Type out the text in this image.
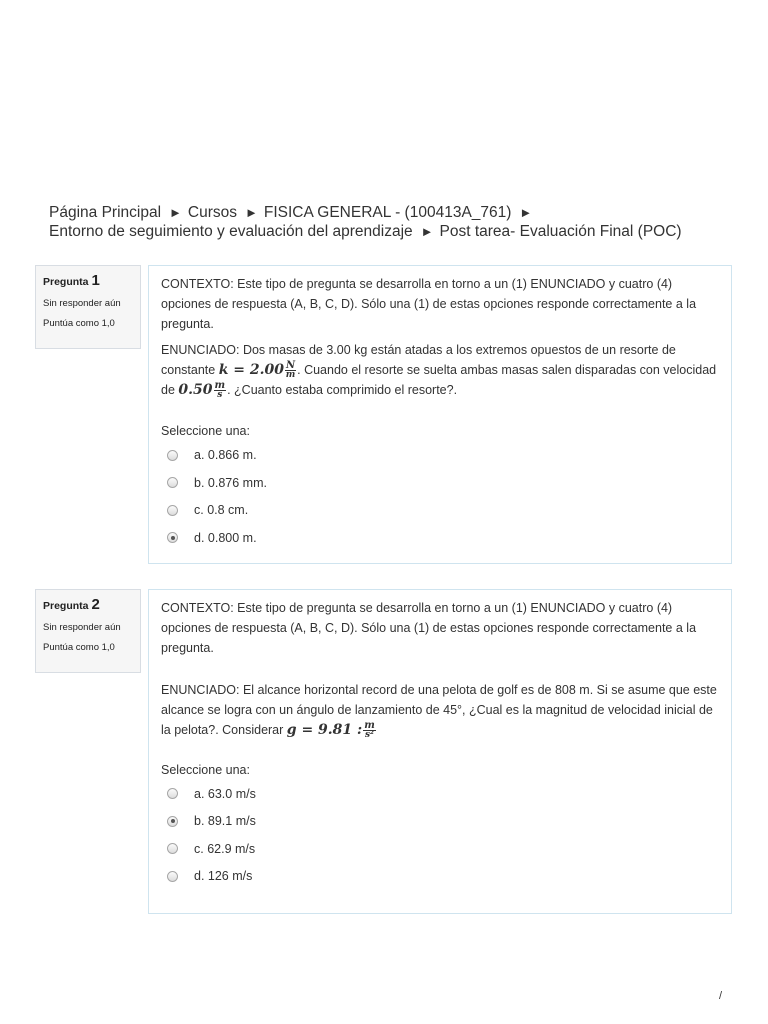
Página Principal ► Cursos ► FISICA GENERAL - (100413A_761) ►
Entorno de seguimiento y evaluación del aprendizaje ► Post tarea- Evaluación Final (POC)
Pregunta 1
Sin responder aún
Puntúa como 1,0

CONTEXTO: Este tipo de pregunta se desarrolla en torno a un (1) ENUNCIADO y cuatro (4) opciones de respuesta (A, B, C, D). Sólo una (1) de estas opciones responde correctamente a la pregunta.

ENUNCIADO: Dos masas de 3.00 kg están atadas a los extremos opuestos de un resorte de constante $k = 2.00 \frac{N}{m}$ . Cuando el resorte se suelta ambas masas salen disparadas con velocidad de $0.50 \frac{m}{s}$ . ¿Cuanto estaba comprimido el resorte?.

Seleccione una:

a. 0.866 m.
b. 0.876 mm.
c. 0.8 cm.
d. 0.800 m.
Pregunta 2
Sin responder aún
Puntúa como 1,0

CONTEXTO: Este tipo de pregunta se desarrolla en torno a un (1) ENUNCIADO y cuatro (4) opciones de respuesta (A, B, C, D). Sólo una (1) de estas opciones responde correctamente a la pregunta.

ENUNCIADO: El alcance horizontal record de una pelota de golf es de 808 m. Si se asume que este alcance se logra con un ángulo de lanzamiento de 45°, ¿Cual es la magnitud de velocidad inicial de la pelota?. Considerar g = 9.81 : $\frac{m}{\text{s²}}$

Seleccione una:

a. 63.0 m/s
b. 89.1 m/s
c. 62.9 m/s
d. 126 m/s
/
